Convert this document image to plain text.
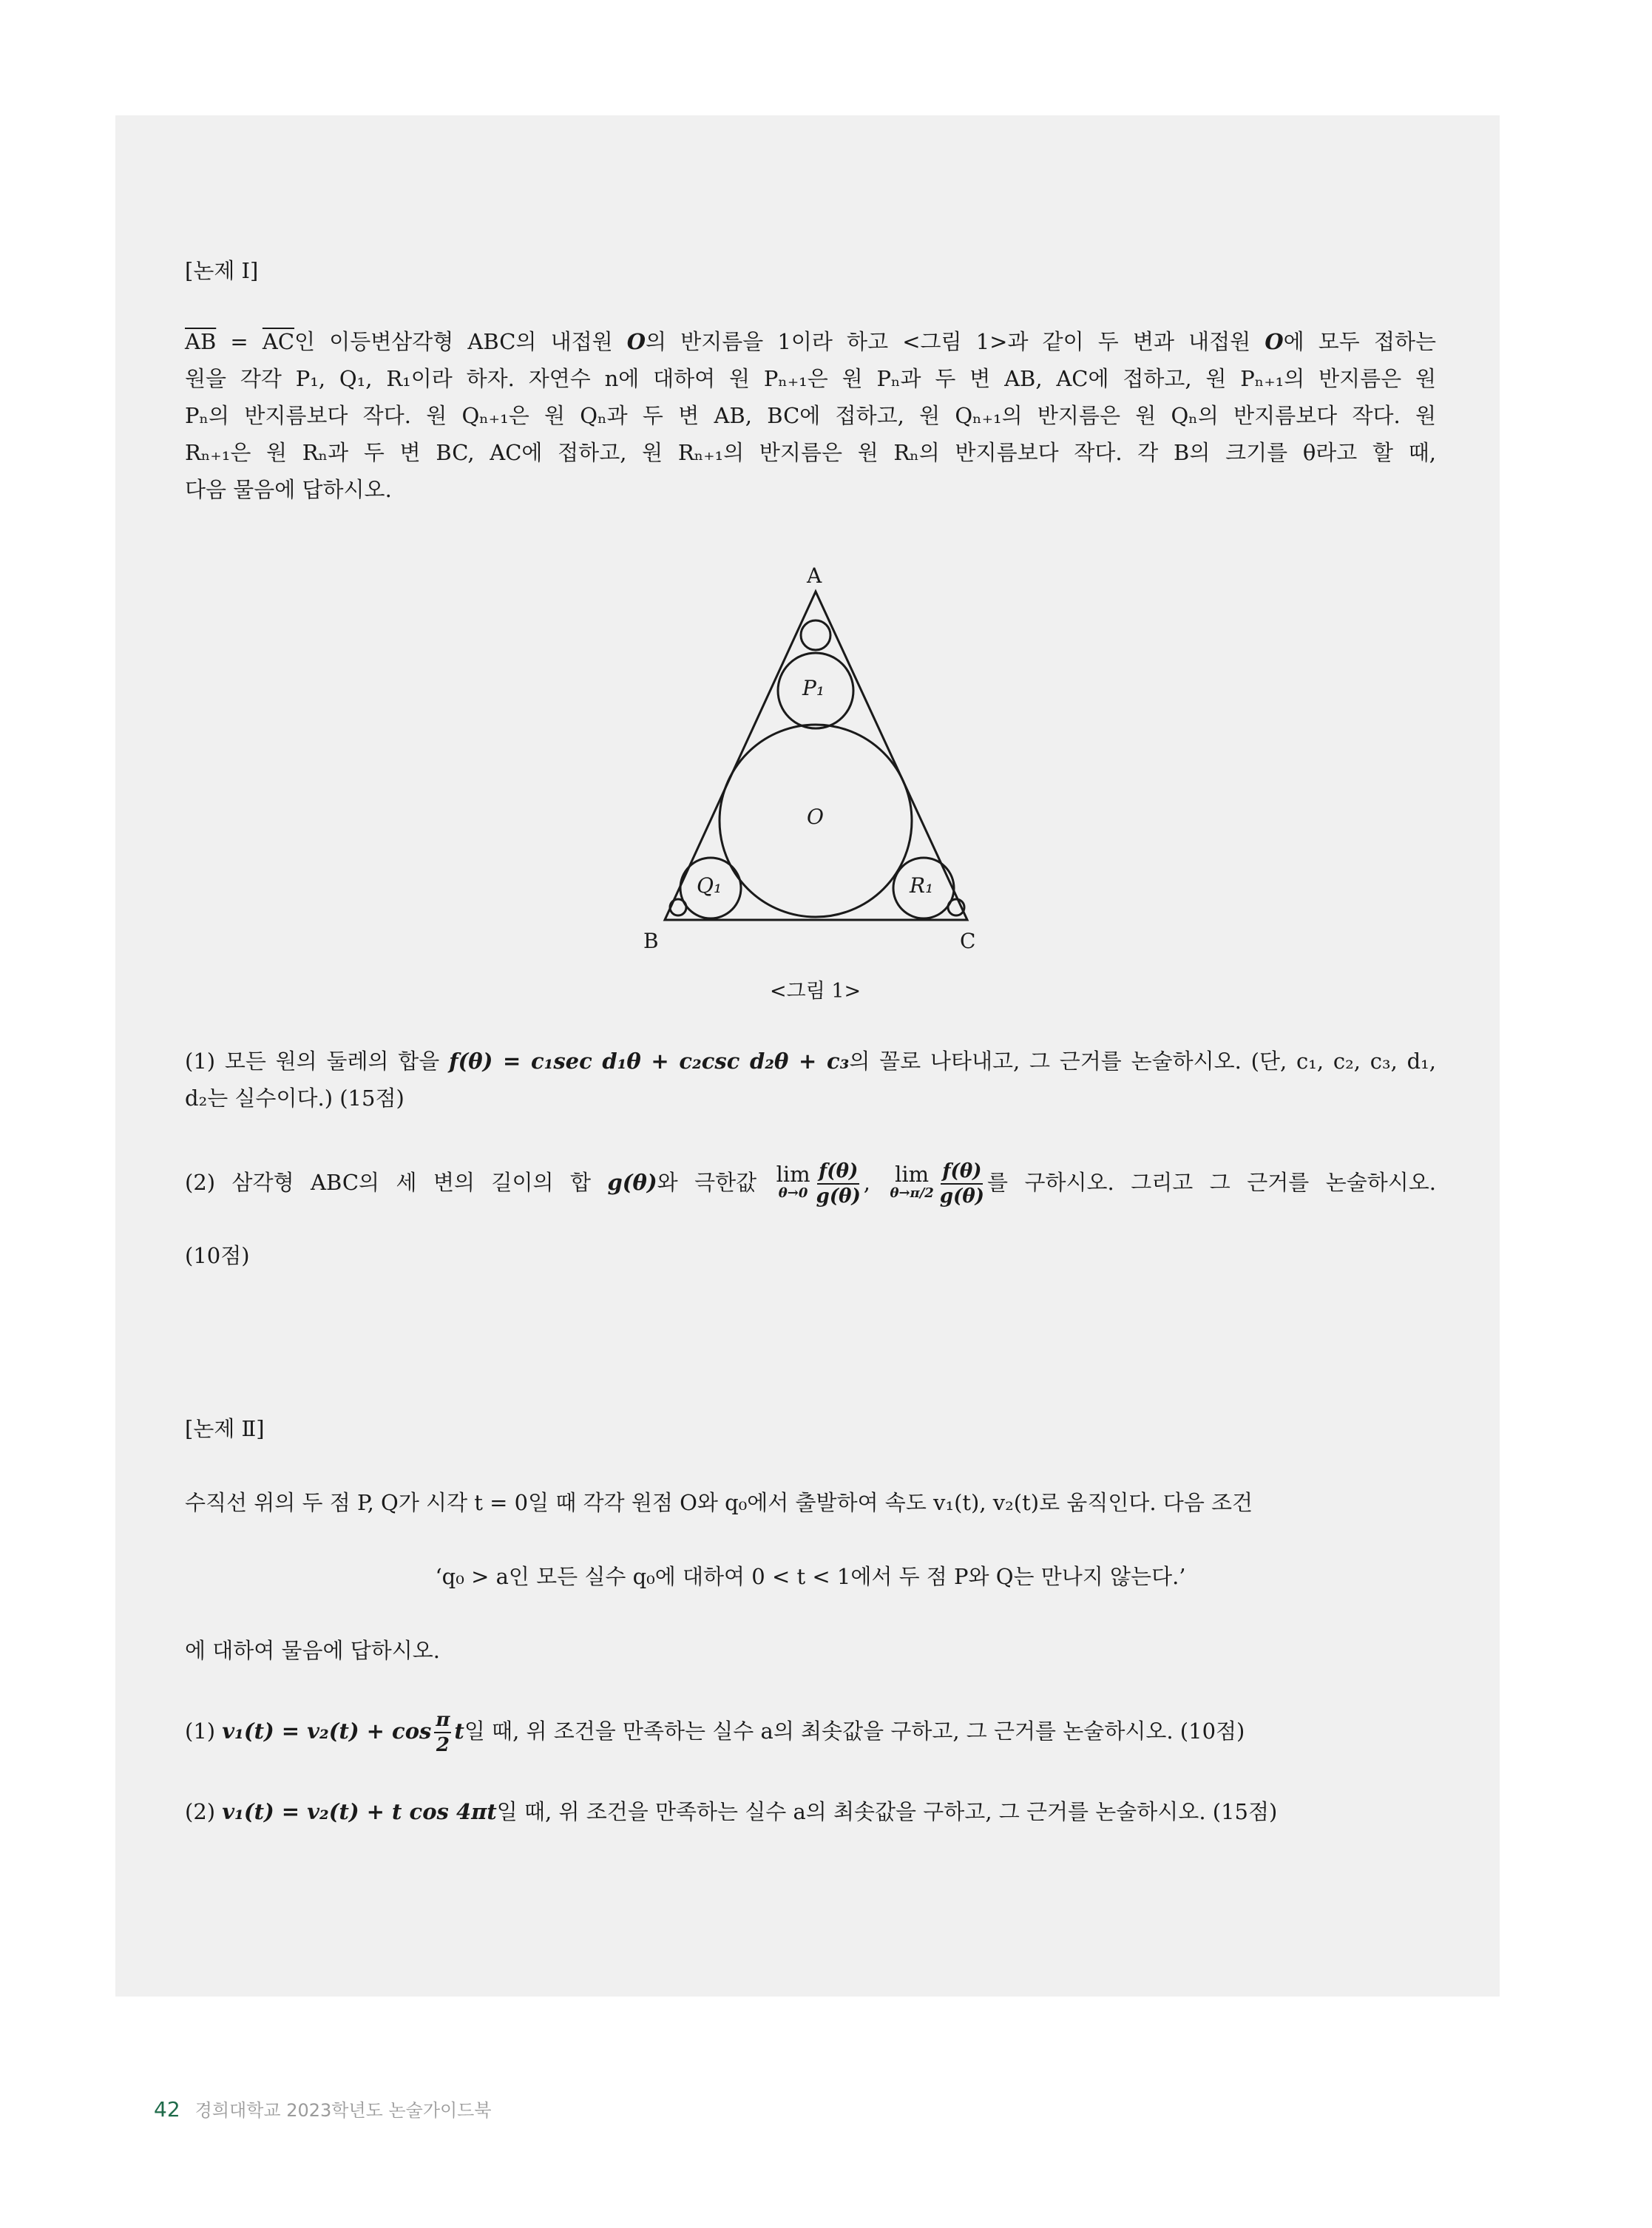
[논제 Ⅰ]
$\overline{AB} = \overline{AC}$인 이등변삼각형 ABC의 내접원 O의 반지름을 1이라 하고 <그림 1>과 같이 두 변과 내접원 O에 모두 접하는
원을 각각 P₁, Q₁, R₁이라 하자. 자연수 n에 대하여 원 Pₙ₊₁은 원 Pₙ과 두 변 AB, AC에 접하고, 원 Pₙ₊₁의 반지름은 원
Pₙ의 반지름보다 작다. 원 Qₙ₊₁은 원 Qₙ과 두 변 AB, BC에 접하고, 원 Qₙ₊₁의 반지름은 원 Qₙ의 반지름보다 작다. 원
Rₙ₊₁은 원 Rₙ과 두 변 BC, AC에 접하고, 원 Rₙ₊₁의 반지름은 원 Rₙ의 반지름보다 작다. 각 B의 크기를 θ라고 할 때,
다음 물음에 답하시오.
A
B	C
P₁
O
Q₁	R₁
<그림 1>
(1) 모든 원의 둘레의 합을 f(θ) = c₁sec d₁θ + c₂csc d₂θ + c₃의 꼴로 나타내고, 그 근거를 논술하시오. (단, c₁, c₂, c₃, d₁,
d₂는 실수이다.) (15점)
(2) 삼각형 ABC의 세 변의 길이의 합 g(θ)와 극한값 lim
$\theta\to 0 \frac{f(\theta)}{g(\theta)}$ , lim
$\theta\to\pi/2 \frac{f(\theta)}{g(\theta)}$ 를 구하시오. 그리고 그 근거를 논술하시오.
(10점)
[논제 Ⅱ]
수직선 위의 두 점 P, Q가 시각 t = 0일 때 각각 원점 O와 q₀에서 출발하여 속도 v₁(t), v₂(t)로 움직인다. 다음 조건
‘q₀ > a인 모든 실수 q₀에 대하여 0 < t < 1에서 두 점 P와 Q는 만나지 않는다.’
에 대하여 물음에 답하시오.
(1) $v_1(t) = v_2(t) + \cos \frac{\pi}{2}$ t일 때, 위 조건을 만족하는 실수 a의 최솟값을 구하고, 그 근거를 논술하시오. (10점)
(2) v₁(t) = v₂(t) + t cos 4πt일 때, 위 조건을 만족하는 실수 a의 최솟값을 구하고, 그 근거를 논술하시오. (15점)
42 경희대학교 2023학년도 논술가이드북
